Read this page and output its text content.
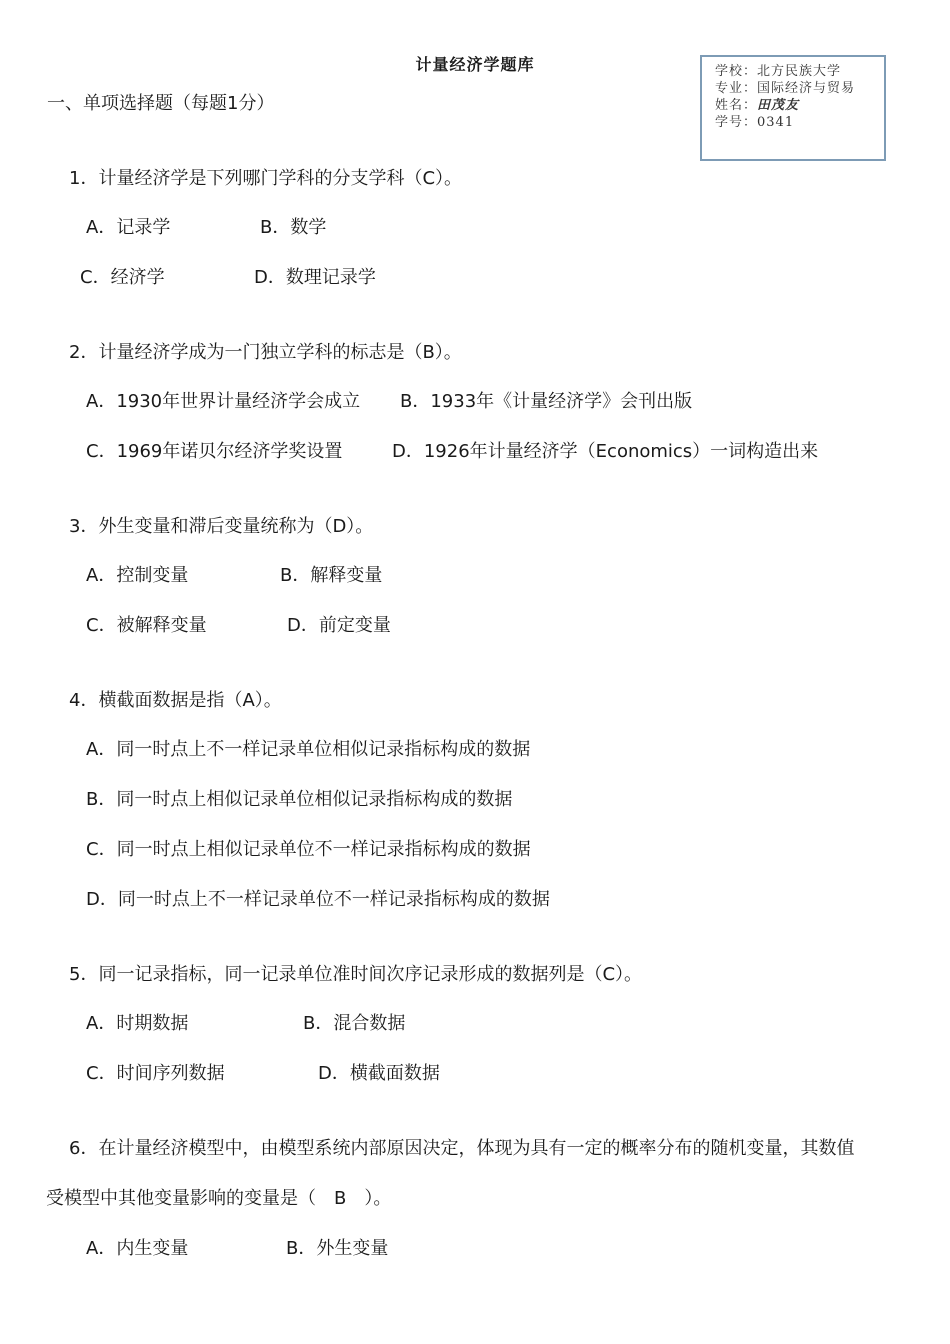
计量经济学题库	学校：北方民族大学
专业：国际经济与贸易
姓名：田茂友
学号：0341
一、单项选择题（每题1分）
1．计量经济学是下列哪门学科的分支学科（C）。
A．记录学	B．数学
C．经济学	D．数理记录学
2．计量经济学成为一门独立学科的标志是（B）。
A．1930年世界计量经济学会成立 B．1933年《计量经济学》会刊出版
C．1969年诺贝尔经济学奖设置	D．1926年计量经济学（Economics）一词构造出来
3．外生变量和滞后变量统称为（D）。
A．控制变量	B．解释变量
C．被解释变量	D．前定变量
4．横截面数据是指（A）。
A．同一时点上不一样记录单位相似记录指标构成的数据
B．同一时点上相似记录单位相似记录指标构成的数据
C．同一时点上相似记录单位不一样记录指标构成的数据
D．同一时点上不一样记录单位不一样记录指标构成的数据
5．同一记录指标，同一记录单位准时间次序记录形成的数据列是（C）。
A．时期数据	B．混合数据
C．时间序列数据	D．横截面数据
6．在计量经济模型中，由模型系统内部原因决定，体现为具有一定的概率分布的随机变量，其数值
受模型中其他变量影响的变量是（　B　）。
A．内生变量	B．外生变量
